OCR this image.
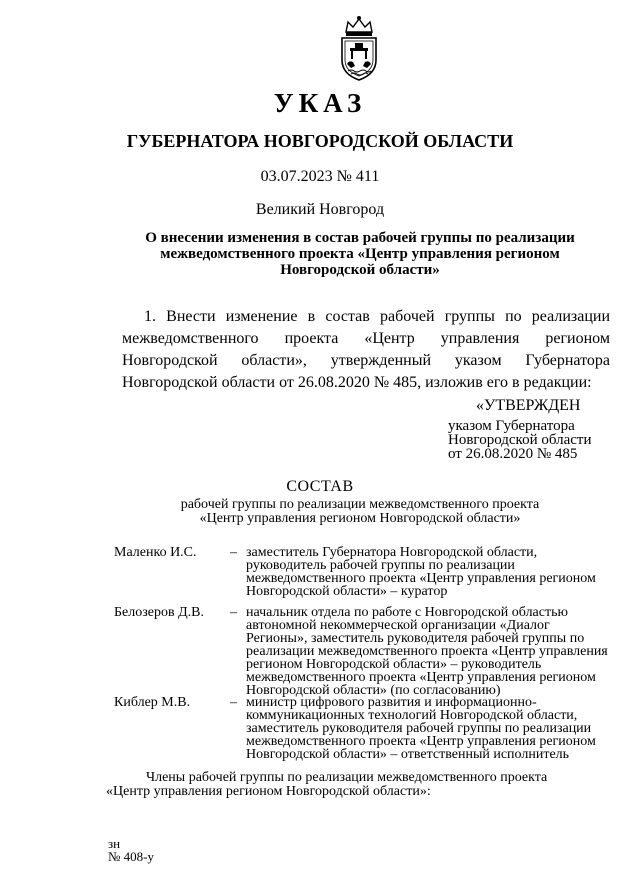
УКАЗ
ГУБЕРНАТОРА НОВГОРОДСКОЙ ОБЛАСТИ
03.07.2023 № 411
Великий Новгород
О внесении изменения в состав рабочей группы по реализации
межведомственного проекта «Центр управления регионом
Новгородской области»
1. Внести изменение в состав рабочей группы по реализации межведомственного проекта «Центр управления регионом Новгородской области», утвержденный указом Губернатора Новгородской области от 26.08.2020 № 485, изложив его в редакции:
«УТВЕРЖДЕН
указом Губернатора
Новгородской области
от 26.08.2020 № 485
СОСТАВ
рабочей группы по реализации межведомственного проекта
«Центр управления регионом Новгородской области»
Маленко И.С.	– заместитель Губернатора Новгородской области, руководитель рабочей группы по реализации межведомственного проекта «Центр управления регионом Новгородской области» – куратор
Белозеров Д.В.	– начальник отдела по работе с Новгородской областью автономной некоммерческой организации «Диалог Регионы», заместитель руководителя рабочей группы по реализации межведомственного проекта «Центр управления регионом Новгородской области» – руководитель межведомственного проекта «Центр управления регионом Новгородской области» (по согласованию)
Киблер М.В.	– министр цифрового развития и информационно-коммуникационных технологий Новгородской области, заместитель руководителя рабочей группы по реализации межведомственного проекта «Центр управления регионом Новгородской области» – ответственный исполнитель
Члены рабочей группы по реализации межведомственного проекта
«Центр управления регионом Новгородской области»:
зн
№ 408-у
